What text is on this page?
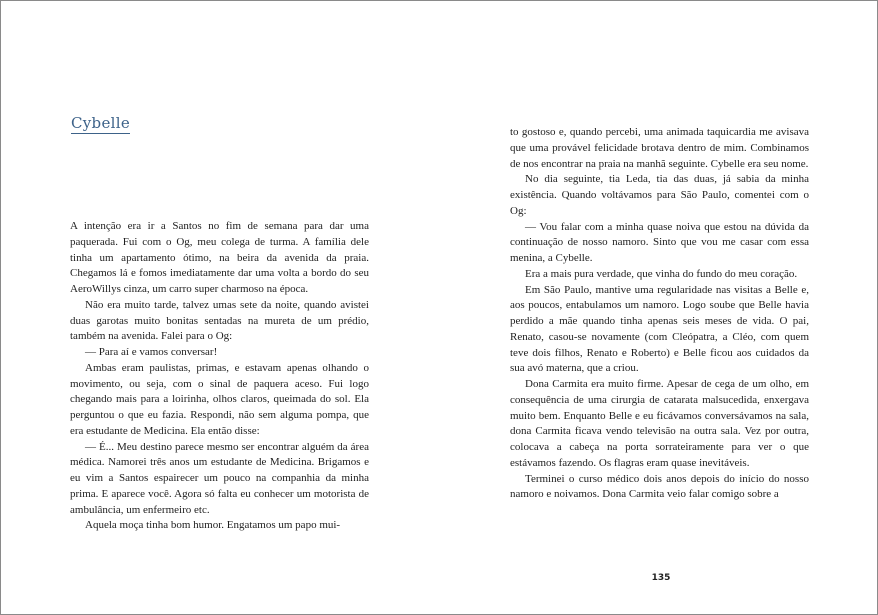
Cybelle

A intenção era ir a Santos no fim de semana para dar uma paquerada. Fui com o Og, meu colega de turma. A família dele tinha um apartamento ótimo, na beira da avenida da praia. Chegamos lá e fomos imediatamente dar uma volta a bordo do seu AeroWillys cinza, um carro super charmoso na época.

Não era muito tarde, talvez umas sete da noite, quando avistei duas garotas muito bonitas sentadas na mureta de um prédio, também na avenida. Falei para o Og:

— Para aí e vamos conversar!

Ambas eram paulistas, primas, e estavam apenas olhando o movimento, ou seja, com o sinal de paquera aceso. Fui logo chegando mais para a loirinha, olhos claros, queimada do sol. Ela perguntou o que eu fazia. Respondi, não sem alguma pompa, que era estudante de Medicina. Ela então disse:

— É... Meu destino parece mesmo ser encontrar alguém da área médica. Namorei três anos um estudante de Medicina. Brigamos e eu vim a Santos espairecer um pouco na companhia da minha prima. E aparece você. Agora só falta eu conhecer um motorista de ambulância, um enfermeiro etc.

Aquela moça tinha bom humor. Engatamos um papo mui-

to gostoso e, quando percebi, uma animada taquicardia me avisava que uma provável felicidade brotava dentro de mim. Combinamos de nos encontrar na praia na manhã seguinte. Cybelle era seu nome.

No dia seguinte, tia Leda, tia das duas, já sabia da minha existência. Quando voltávamos para São Paulo, comentei com o Og:

— Vou falar com a minha quase noiva que estou na dúvida da continuação de nosso namoro. Sinto que vou me casar com essa menina, a Cybelle.

Era a mais pura verdade, que vinha do fundo do meu coração.

Em São Paulo, mantive uma regularidade nas visitas a Belle e, aos poucos, entabulamos um namoro. Logo soube que Belle havia perdido a mãe quando tinha apenas seis meses de vida. O pai, Renato, casou-se novamente (com Cleópatra, a Cléo, com quem teve dois filhos, Renato e Roberto) e Belle ficou aos cuidados da sua avó materna, que a criou.

Dona Carmita era muito firme. Apesar de cega de um olho, em consequência de uma cirurgia de catarata malsucedida, enxergava muito bem. Enquanto Belle e eu ficávamos conversávamos na sala, dona Carmita ficava vendo televisão na outra sala. Vez por outra, colocava a cabeça na porta sorrateiramente para ver o que estávamos fazendo. Os flagras eram quase inevitáveis.

Terminei o curso médico dois anos depois do início do nosso namoro e noivamos. Dona Carmita veio falar comigo sobre a

135
